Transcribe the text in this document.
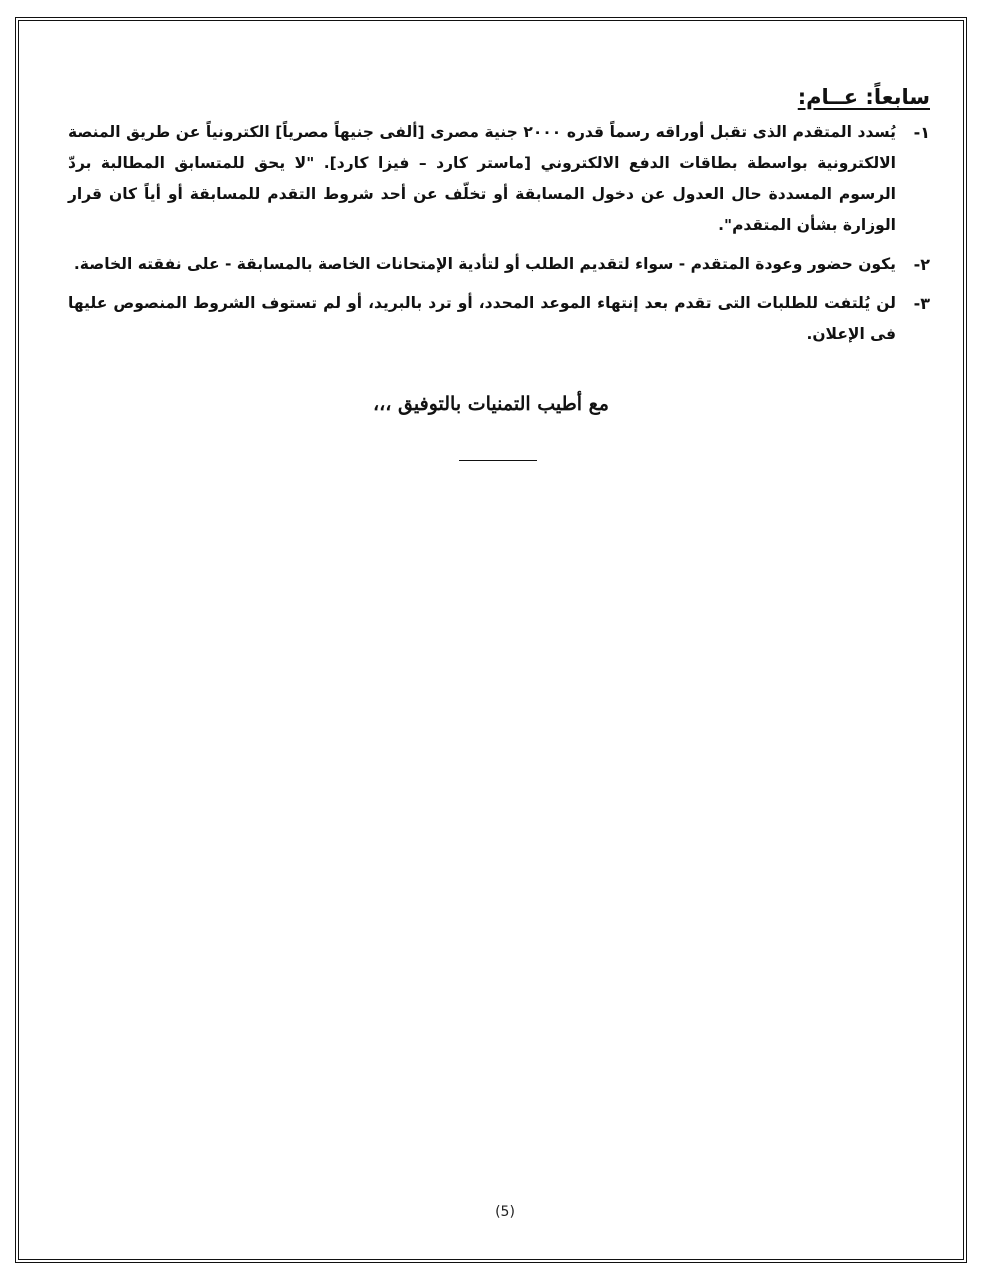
سابعاً: عــام:
١-
يُسدد المتقدم الذى تقبل أوراقه رسماً قدره ٢٠٠٠ جنية مصرى [ألفى جنيهاً مصرياً] الكترونياً عن طريق المنصة الالكترونية بواسطة بطاقات الدفع الالكتروني [ماستر كارد – فيزا كارد]. "لا يحق للمتسابق المطالبة بردّ الرسوم المسددة حال العدول عن دخول المسابقة أو تخلّف عن أحد شروط التقدم للمسابقة أو أياً كان قرار الوزارة بشأن المتقدم".
٢-
يكون حضور وعودة المتقدم - سواء لتقديم الطلب أو لتأدية الإمتحانات الخاصة بالمسابقة - على نفقته الخاصة.
٣-
لن يُلتفت للطلبات التى تقدم بعد إنتهاء الموعد المحدد، أو ترد بالبريد، أو لم تستوف الشروط المنصوص عليها فى الإعلان.
مع أطيب التمنيات بالتوفيق ،،،
(5)
